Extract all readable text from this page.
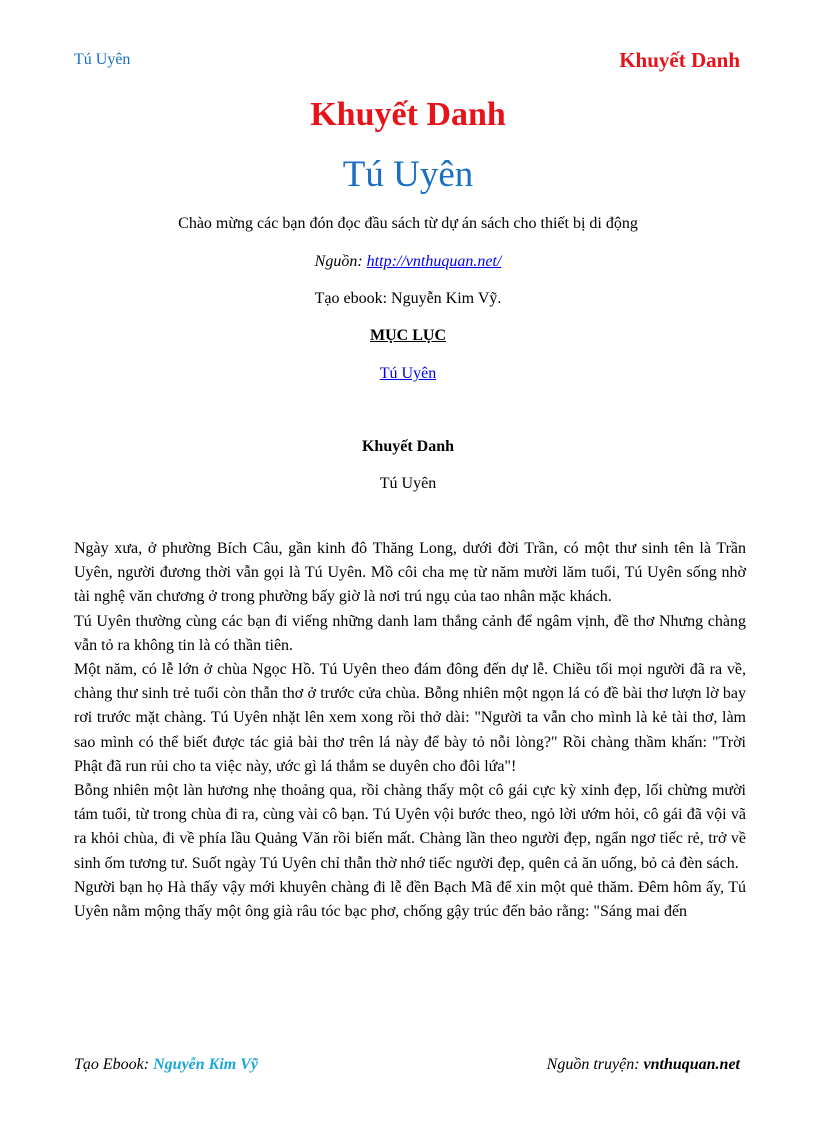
Tú Uyên	Khuyết Danh
Khuyết Danh
Tú Uyên
Chào mừng các bạn đón đọc đầu sách từ dự án sách cho thiết bị di động
Nguồn: http://vnthuquan.net/
Tạo ebook: Nguyễn Kim Vỹ.
MỤC LỤC
Tú Uyên
Khuyết Danh
Tú Uyên

Ngày xưa, ở phường Bích Câu, gần kinh đô Thăng Long, dưới đời Trần, có một thư sinh tên là Trần Uyên, người đương thời vẫn gọi là Tú Uyên. Mồ côi cha mẹ từ năm mười lăm tuổi, Tú Uyên sống nhờ tài nghệ văn chương ở trong phường bấy giờ là nơi trú ngụ của tao nhân mặc khách.

Tú Uyên thường cùng các bạn đi viếng những danh lam thắng cảnh để ngâm vịnh, đề thơ Nhưng chàng vẫn tỏ ra không tin là có thần tiên.

Một năm, có lễ lớn ở chùa Ngọc Hồ. Tú Uyên theo đám đông đến dự lễ. Chiều tối mọi người đã ra về, chàng thư sinh trẻ tuổi còn thẫn thơ ở trước cửa chùa. Bỗng nhiên một ngọn lá có đề bài thơ lượn lờ bay rơi trước mặt chàng. Tú Uyên nhặt lên xem xong rồi thở dài: "Người ta vẫn cho mình là kẻ tài thơ, làm sao mình có thể biết được tác giả bài thơ trên lá này để bày tỏ nỗi lòng?" Rồi chàng thầm khấn: "Trời Phật đã run rủi cho ta việc này, ước gì lá thắm se duyên cho đôi lứa"!

Bỗng nhiên một làn hương nhẹ thoảng qua, rồi chàng thấy một cô gái cực kỳ xinh đẹp, lối chừng mười tám tuổi, từ trong chùa đi ra, cùng vài cô bạn. Tú Uyên vội bước theo, ngỏ lời ướm hỏi, cô gái đã vội vã ra khỏi chùa, đi về phía lầu Quảng Văn rồi biến mất. Chàng lần theo người đẹp, ngẩn ngơ tiếc rẻ, trở về sinh ốm tương tư. Suốt ngày Tú Uyên chỉ thẫn thờ nhớ tiếc người đẹp, quên cả ăn uống, bỏ cả đèn sách.

Người bạn họ Hà thấy vậy mới khuyên chàng đi lễ đền Bạch Mã để xin một quẻ thăm. Đêm hôm ấy, Tú Uyên nằm mộng thấy một ông già râu tóc bạc phơ, chống gậy trúc đến bảo rằng: "Sáng mai đến

Tạo Ebook: Nguyễn Kim Vỹ	Nguồn truyện: vnthuquan.net
